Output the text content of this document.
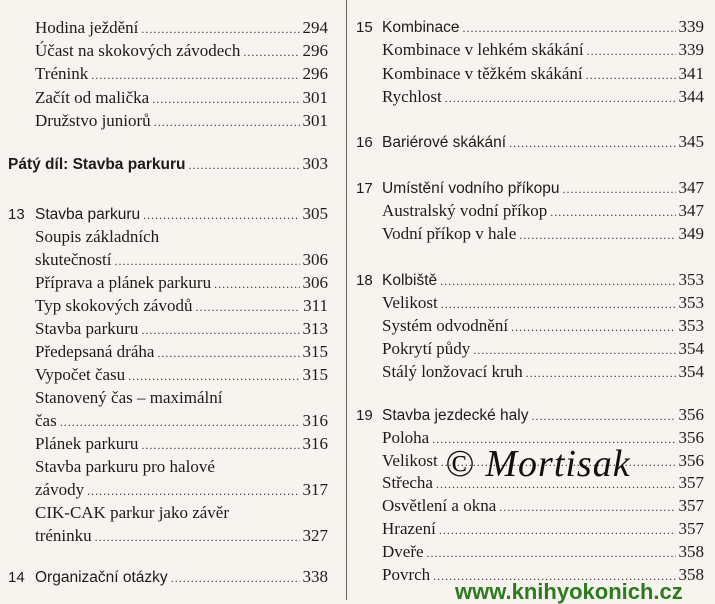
Hodina ježdění .....	294
Účast na skokových závodech .....	296
Trénink .....	296
Začít od malička .....	301
Družstvo juniorů .....	301
Pátý díl: Stavba parkuru .....	303
13 Stavba parkuru .....	305
Soupis základních
skutečností .....	306
Příprava a plánek parkuru .....	306
Typ skokových závodů .....	311
Stavba parkuru .....	313
Předepsaná dráha .....	315
Vypočet času .....	315
Stanovený čas – maximální
čas .....	316
Plánek parkuru .....	316
Stavba parkuru pro halové
závody .....	317
CIK-CAK parkur jako závěr
tréninku .....	327
14 Organizační otázky .....	338
15 Kombinace .....	339
Kombinace v lehkém skákání .....	339
Kombinace v těžkém skákání .....	341
Rychlost .....	344
16 Bariérové skákání .....	345
17 Umístění vodního příkopu .....	347
Australský vodní příkop .....	347
Vodní příkop v hale .....	349
18 Kolbiště .....	353
Velikost .....	353
Systém odvodnění .....	353
Pokrytí půdy .....	354
Stálý lonžovací kruh .....	354
19 Stavba jezdecké haly .....	356
Poloha .....	356
Velikost .....	356
Střecha .....	357
Osvětlení a okna .....	357
Hrazení .....	357
Dveře .....	358
Povrch .....	358
© Mortisak
www.knihyokonich.cz
